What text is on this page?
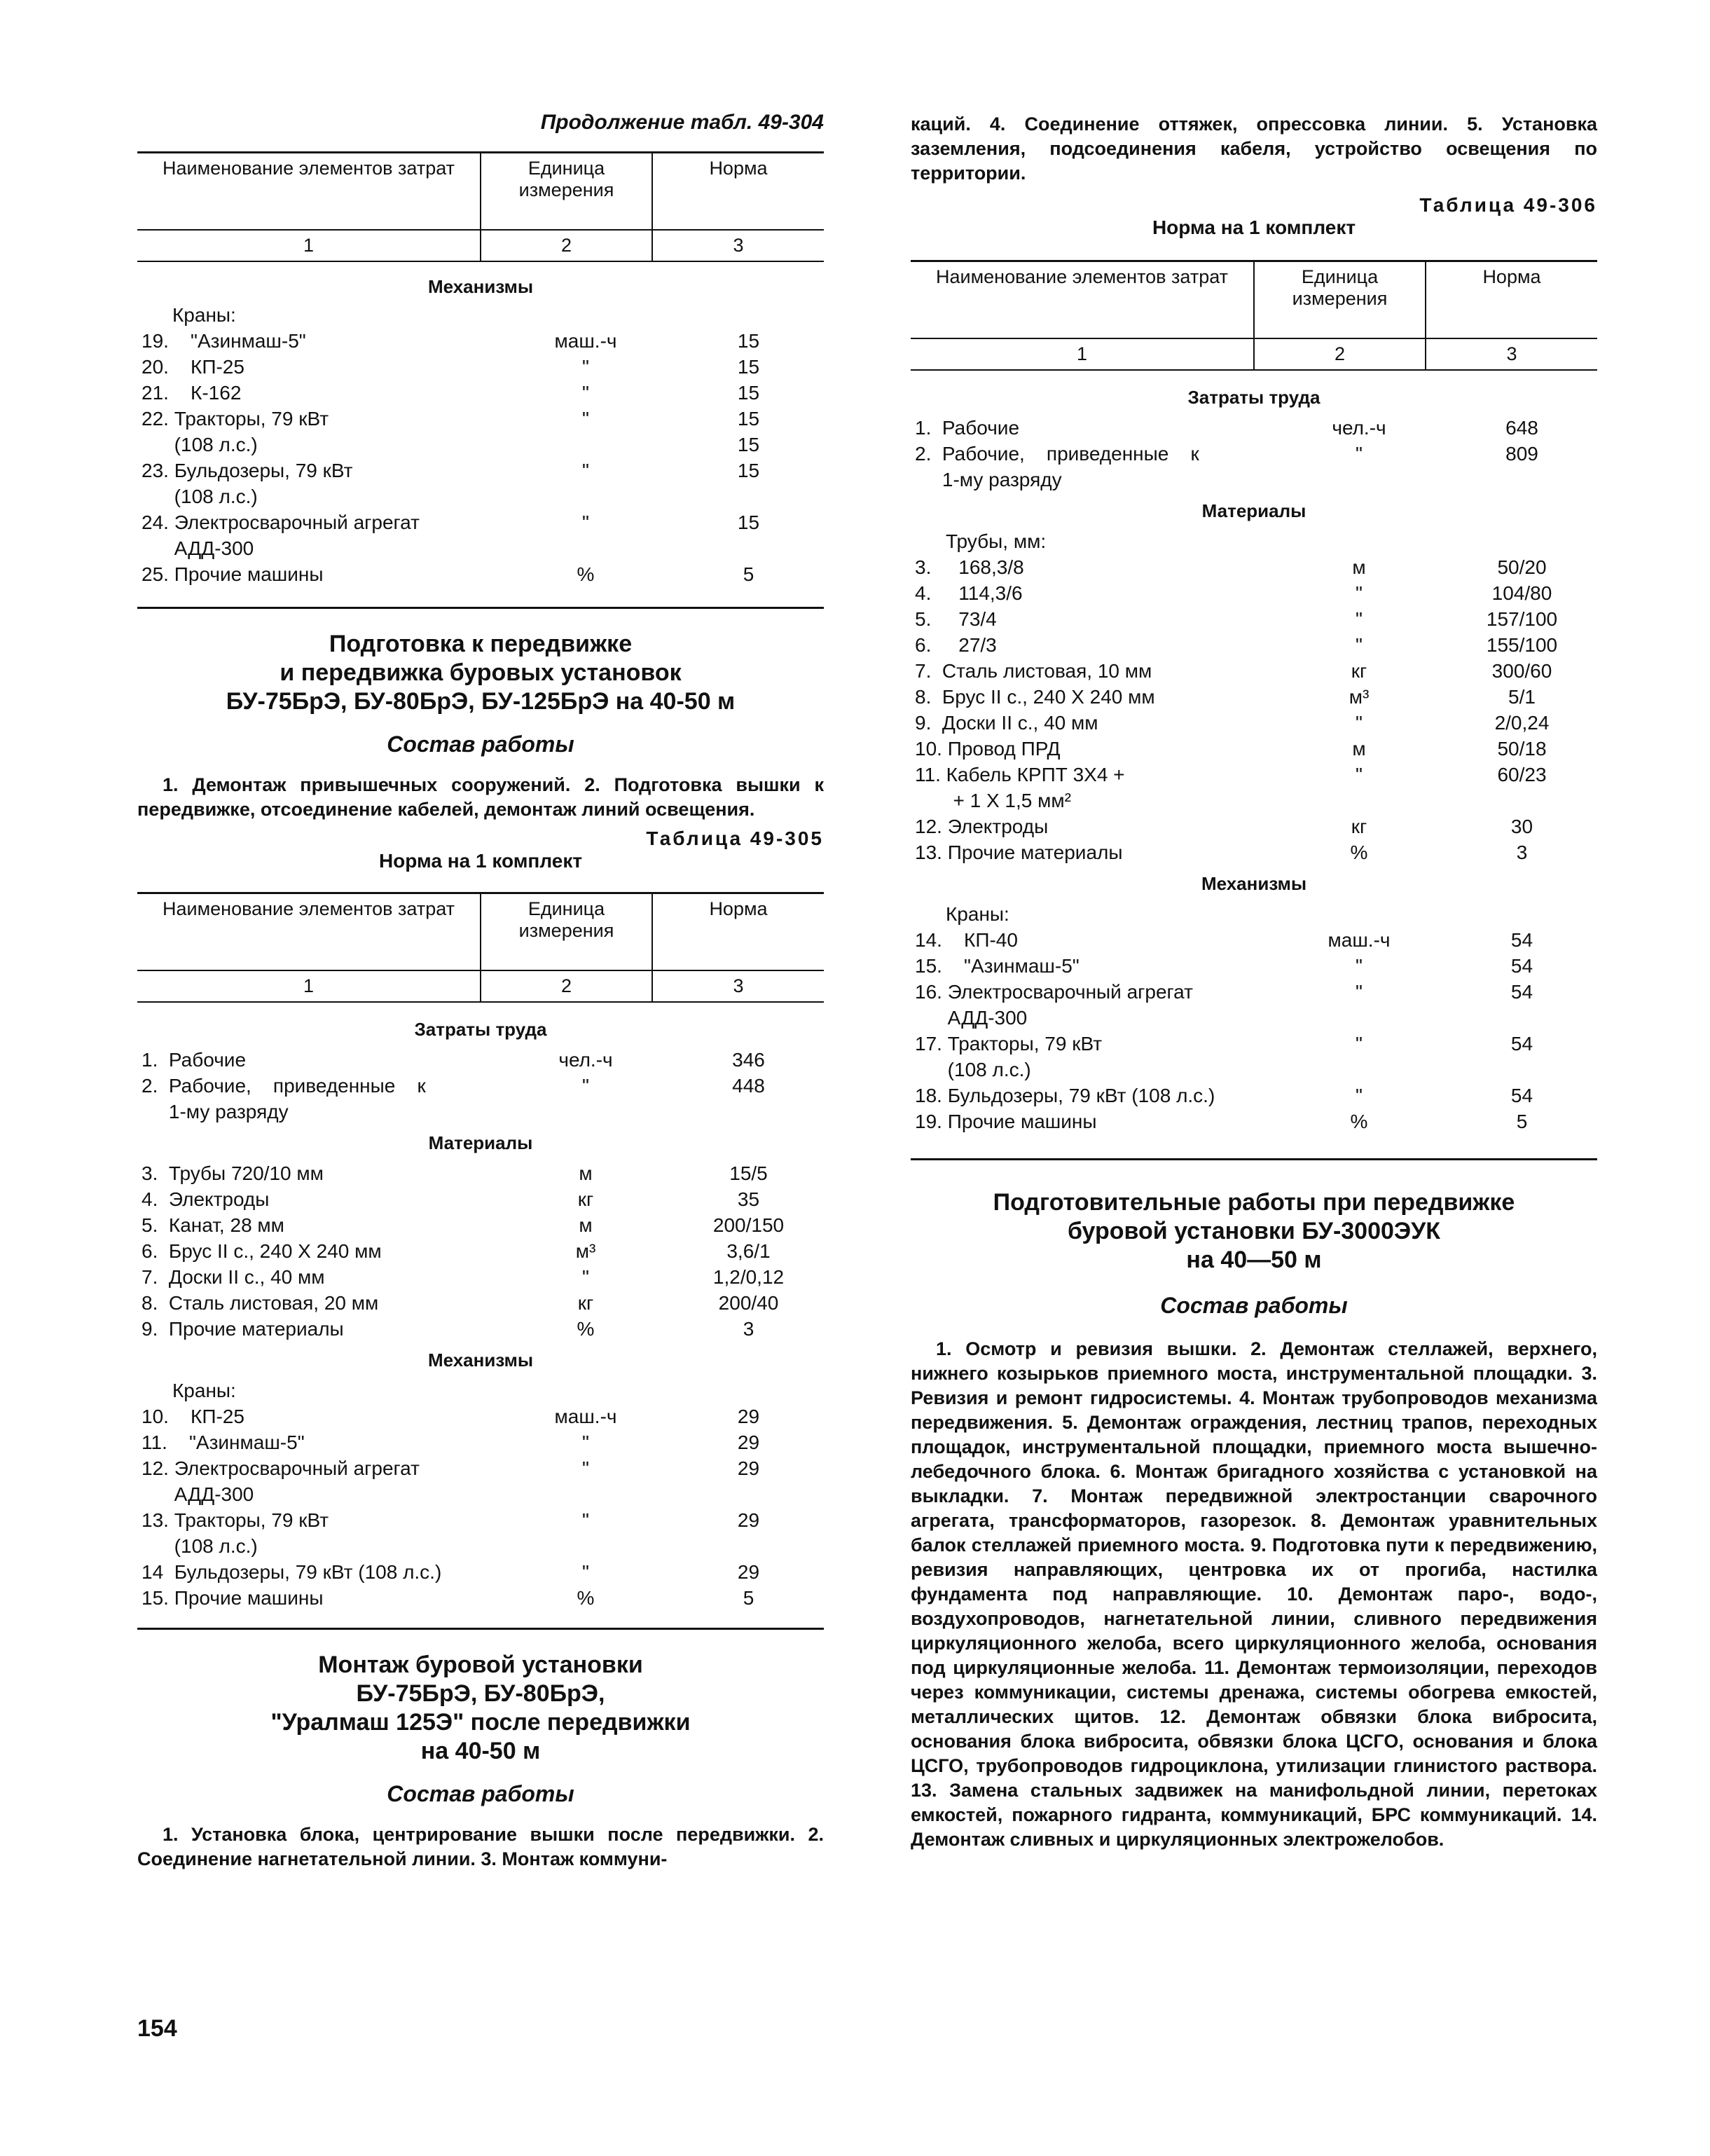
Продолжение табл. 49-304
Наименование элементов затрат	Единица измерения	Норма
1	2	3
Механизмы
Краны:
19.    "Азинмаш-5"	маш.-ч	15
20.    КП-25	"	15
21.    К-162	"	15
22. Тракторы, 79 кВт	"	15
(108 л.с.)	15
23. Бульдозеры, 79 кВт	"	15
(108 л.с.)
24. Электросварочный агрегат	"	15
АДД-300
25. Прочие машины	%	5
Подготовка к передвижке
и передвижка буровых установок
БУ-75БрЭ, БУ-80БрЭ, БУ-125БрЭ на 40-50 м
Состав работы
1. Демонтаж привышечных сооружений. 2. Подготовка вышки к передвижке, отсоединение кабелей, демонтаж линий освещения.
Таблица 49-305
Норма на 1 комплект
Наименование элементов затрат	Единица измерения	Норма
1	2	3
Затраты труда
1.  Рабочие	чел.-ч	346
2.  Рабочие,    приведенные    к	"	448
1-му разряду
Материалы
3.  Трубы 720/10 мм	м	15/5
4.  Электроды	кг	35
5.  Канат, 28 мм	м	200/150
6.  Брус II с., 240 X 240 мм	м³	3,6/1
7.  Доски II с., 40 мм	"	1,2/0,12
8.  Сталь листовая, 20 мм	кг	200/40
9.  Прочие материалы	%	3
Механизмы
Краны:
10.    КП-25	маш.-ч	29
11.    "Азинмаш-5"	"	29
12. Электросварочный агрегат	"	29
АДД-300
13. Тракторы, 79 кВт	"	29
(108 л.с.)
14  Бульдозеры, 79 кВт (108 л.с.)	"	29
15. Прочие машины	%	5
Монтаж буровой установки
БУ-75БрЭ, БУ-80БрЭ,
"Уралмаш 125Э" после передвижки
на 40-50 м
Состав работы
1. Установка блока, центрирование вышки после передвижки. 2. Соединение нагнетательной линии. 3. Монтаж коммуни-
каций. 4. Соединение оттяжек, опрессовка линии. 5. Установка заземления, подсоединения кабеля, устройство освещения по территории.
Таблица 49-306
Норма на 1 комплект
Наименование элементов затрат	Единица измерения	Норма
1	2	3
Затраты труда
1.  Рабочие	чел.-ч	648
2.  Рабочие,    приведенные    к	"	809
1-му разряду
Материалы
Трубы, мм:
3.     168,3/8	м	50/20
4.     114,3/6	"	104/80
5.     73/4	"	157/100
6.     27/3	"	155/100
7.  Сталь листовая, 10 мм	кг	300/60
8.  Брус II с., 240 X 240 мм	м³	5/1
9.  Доски II с., 40 мм	"	2/0,24
10. Провод ПРД	м	50/18
11. Кабель КРПТ 3X4 +	"	60/23
+ 1 X 1,5 мм²
12. Электроды	кг	30
13. Прочие материалы	%	3
Механизмы
Краны:
14.    КП-40	маш.-ч	54
15.    "Азинмаш-5"	"	54
16. Электросварочный агрегат	"	54
АДД-300
17. Тракторы, 79 кВт	"	54
(108 л.с.)
18. Бульдозеры, 79 кВт (108 л.с.)	"	54
19. Прочие машины	%	5
Подготовительные работы при передвижке
буровой установки БУ-3000ЭУК
на 40—50 м
Состав работы
1. Осмотр и ревизия вышки. 2. Демонтаж стеллажей, верхнего, нижнего козырьков приемного моста, инструментальной площадки. 3. Ревизия и ремонт гидросистемы. 4. Монтаж трубопроводов механизма передвижения. 5. Демонтаж ограждения, лестниц трапов, переходных площадок, инструментальной площадки, приемного моста вышечно-лебедочного блока. 6. Монтаж бригадного хозяйства с установкой на выкладки. 7. Монтаж передвижной электростанции сварочного агрегата, трансформаторов, газорезок. 8. Демонтаж уравнительных балок стеллажей приемного моста. 9. Подготовка пути к передвижению, ревизия направляющих, центровка их от прогиба, настилка фундамента под направляющие. 10. Демонтаж паро-, водо-, воздухопроводов, нагнетательной линии, сливного передвижения циркуляционного желоба, всего циркуляционного желоба, основания под циркуляционные желоба. 11. Демонтаж термоизоляции, переходов через коммуникации, системы дренажа, системы обогрева емкостей, металлических щитов. 12. Демонтаж обвязки блока вибросита, основания блока вибросита, обвязки блока ЦСГО, основания и блока ЦСГО, трубопроводов гидроциклона, утилизации глинистого раствора. 13. Замена стальных задвижек на манифольдной линии, перетоках емкостей, пожарного гидранта, коммуникаций, БРС коммуникаций. 14. Демонтаж сливных и циркуляционных электрожелобов.
154
